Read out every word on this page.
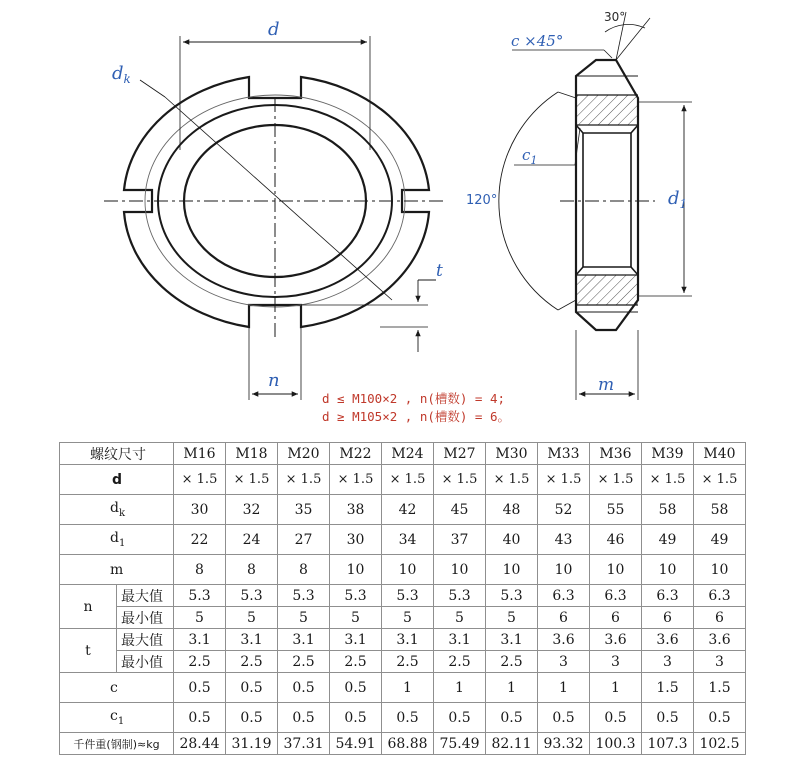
d
$d_k$
n
t
30°
c ×45°
$c_1$
120°	$d_1$
m
d ≤ M100×2 , n(槽数) = 4;
d ≥ M105×2 , n(槽数) = 6。
螺纹尺寸		M16	M18	M20	M22	M24	M27	M30	M33	M36	M39	M40
d		× 1.5	× 1.5	× 1.5	× 1.5	× 1.5	× 1.5	× 1.5	× 1.5	× 1.5	× 1.5	× 1.5
$d_k$		30	32	35	38	42	45	48	52	55	58	58
$d_1$		22	24	27	30	34	37	40	43	46	49	49
m		8	8	8	10	10	10	10	10	10	10	10
n	最大值	5.3	5.3	5.3	5.3	5.3	5.3	5.3	6.3	6.3	6.3	6.3
	最小值	5	5	5	5	5	5	5	6	6	6	6
t	最大值	3.1	3.1	3.1	3.1	3.1	3.1	3.1	3.6	3.6	3.6	3.6
	最小值	2.5	2.5	2.5	2.5	2.5	2.5	2.5	3	3	3	3
c		0.5	0.5	0.5	0.5	1	1	1	1	1	1.5	1.5
$c_1$		0.5	0.5	0.5	0.5	0.5	0.5	0.5	0.5	0.5	0.5	0.5
千件重(钢制)≈kg		28.44	31.19	37.31	54.91	68.88	75.49	82.11	93.32	100.3	107.3	102.5
